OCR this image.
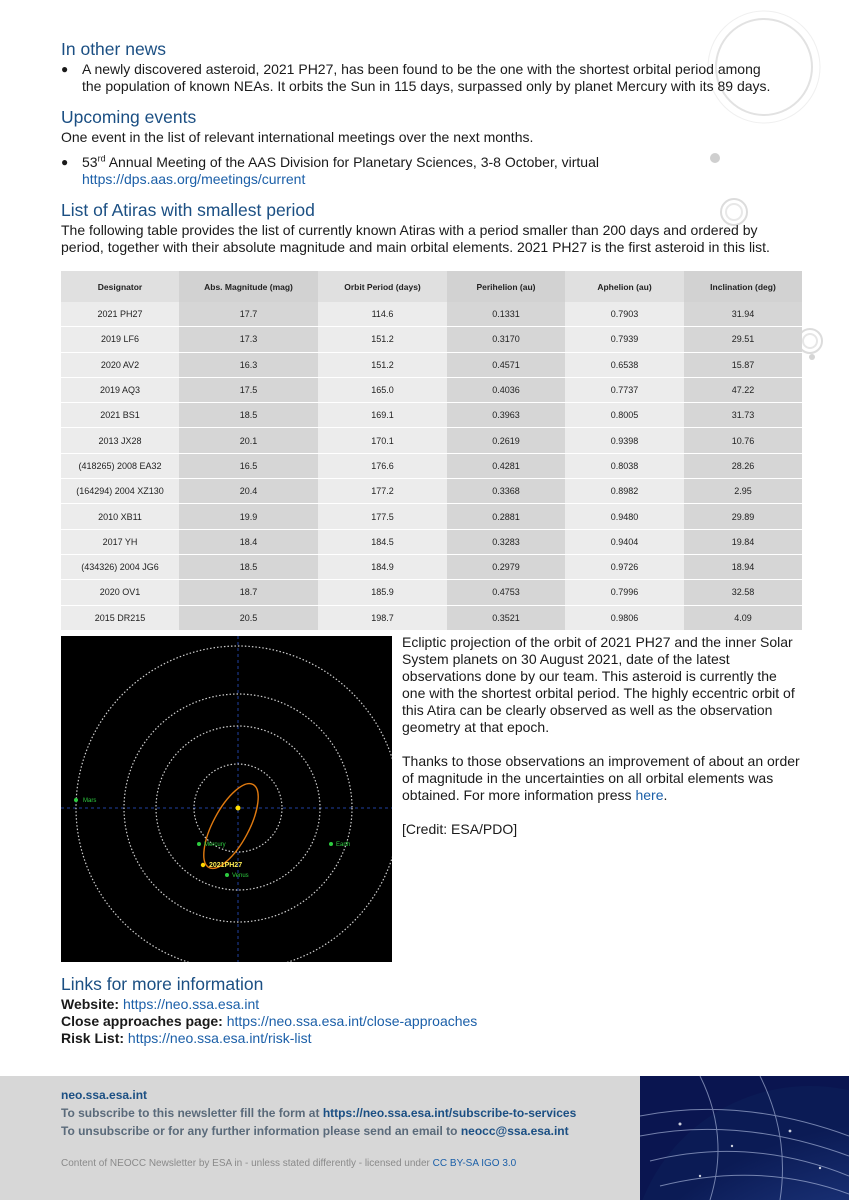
In other news
● A newly discovered asteroid, 2021 PH27, has been found to be the one with the shortest orbital period among the population of known NEAs. It orbits the Sun in 115 days, surpassed only by planet Mercury with its 89 days.
Upcoming events
One event in the list of relevant international meetings over the next months.
● 53rd Annual Meeting of the AAS Division for Planetary Sciences, 3-8 October, virtual
https://dps.aas.org/meetings/current
List of Atiras with smallest period
The following table provides the list of currently known Atiras with a period smaller than 200 days and ordered by period, together with their absolute magnitude and main orbital elements. 2021 PH27 is the first asteroid in this list.
Designator	Abs. Magnitude (mag)	Orbit Period (days)	Perihelion (au)	Aphelion (au)	Inclination (deg)
2021 PH27	17.7	114.6	0.1331	0.7903	31.94
2019 LF6	17.3	151.2	0.3170	0.7939	29.51
2020 AV2	16.3	151.2	0.4571	0.6538	15.87
2019 AQ3	17.5	165.0	0.4036	0.7737	47.22
2021 BS1	18.5	169.1	0.3963	0.8005	31.73
2013 JX28	20.1	170.1	0.2619	0.9398	10.76
(418265) 2008 EA32	16.5	176.6	0.4281	0.8038	28.26
(164294) 2004 XZ130	20.4	177.2	0.3368	0.8982	2.95
2010 XB11	19.9	177.5	0.2881	0.9480	29.89
2017 YH	18.4	184.5	0.3283	0.9404	19.84
(434326) 2004 JG6	18.5	184.9	0.2979	0.9726	18.94
2020 OV1	18.7	185.9	0.4753	0.7996	32.58
2015 DR215	20.5	198.7	0.3521	0.9806	4.09
Mars
Mercury	Earth
2021PH27
Venus
Ecliptic projection of the orbit of 2021 PH27 and the inner Solar System planets on 30 August 2021, date of the latest observations done by our team. This asteroid is currently the one with the shortest orbital period. The highly eccentric orbit of this Atira can be clearly observed as well as the observation geometry at that epoch.
Thanks to those observations an improvement of about an order of magnitude in the uncertainties on all orbital elements was obtained. For more information press here.
[Credit: ESA/PDO]
Links for more information
Website: https://neo.ssa.esa.int
Close approaches page: https://neo.ssa.esa.int/close-approaches
Risk List: https://neo.ssa.esa.int/risk-list
neo.ssa.esa.int
To subscribe to this newsletter fill the form at https://neo.ssa.esa.int/subscribe-to-services
To unsubscribe or for any further information please send an email to neocc@ssa.esa.int
Content of NEOCC Newsletter by ESA in - unless stated differently - licensed under CC BY-SA IGO 3.0
